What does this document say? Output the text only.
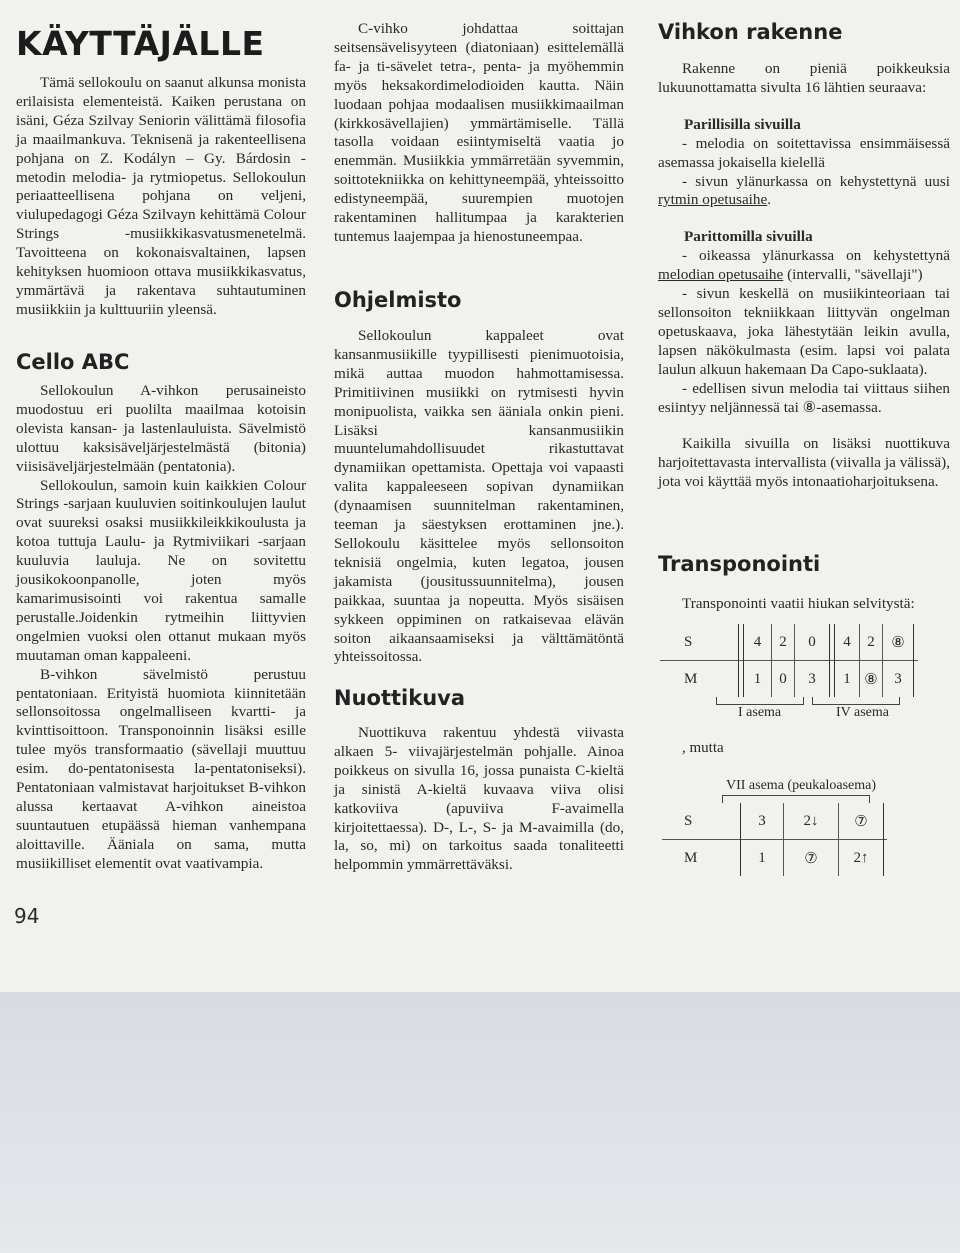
KÄYTTÄJÄLLE

Tämä sellokoulu on saanut alkunsa monista erilaisista elementeistä. Kaiken perustana on isäni, Géza Szilvay Seniorin välittämä filosofia ja maailmankuva. Teknisenä ja rakenteellisena pohjana on Z. Kodályn – Gy. Bárdosin -metodin melodia- ja rytmiopetus. Sellokoulun periaatteellisena pohjana on veljeni, viulupedagogi Géza Szilvayn kehittämä Colour Strings -musiikkikasvatusmenetelmä. Tavoitteena on kokonaisvaltainen, lapsen kehityksen huomioon ottava musiikkikasvatus, ymmärtävä ja rakentava suhtautuminen musiikkiin ja kulttuuriin yleensä.

Cello ABC

Sellokoulun A-vihkon perusaineisto muodostuu eri puolilta maailmaa kotoisin olevista kansan- ja lastenlauluista. Sävelmistö ulottuu kaksisäveljärjestelmästä (bitonia) viisisäveljärjestelmään (pentatonia).

Sellokoulun, samoin kuin kaikkien Colour Strings -sarjaan kuuluvien soitinkoulujen laulut ovat suureksi osaksi musiikkileikkikoulusta ja kotoa tuttuja Laulu- ja Rytmiviikari -sarjaan kuuluvia lauluja. Ne on sovitettu jousikokoonpanolle, joten myös kamarimusisointi voi rakentua samalle perustalle.Joidenkin rytmeihin liittyvien ongelmien vuoksi olen ottanut mukaan myös muutaman oman kappaleeni.

B-vihkon sävelmistö perustuu pentatoniaan. Erityistä huomiota kiinnitetään sellonsoitossa ongelmalliseen kvartti- ja kvinttisoittoon. Transponoinnin lisäksi esille tulee myös transformaatio (sävellaji muuttuu esim. do-pentatonisesta la-pentatoniseksi). Pentatoniaan valmistavat harjoitukset B-vihkon alussa kertaavat A-vihkon aineistoa suuntautuen etupäässä hieman vanhempana aloittaville. Ääniala on sama, mutta musiikilliset elementit ovat vaativampia.

C-vihko johdattaa soittajan seitsensävelisyyteen (diatoniaan) esittelemällä fa- ja ti-sävelet tetra-, penta- ja myöhemmin myös heksakordimelodioiden kautta. Näin luodaan pohjaa modaalisen musiikkimaailman (kirkkosävellajien) ymmärtämiselle. Tällä tasolla voidaan esiintymiseltä vaatia jo enemmän. Musiikkia ymmärretään syvemmin, soittotekniikka on kehittyneempää, yhteissoitto edistyneempää, suurempien muotojen rakentaminen hallitumpaa ja karakterien tuntemus laajempaa ja hienostuneempaa.

Ohjelmisto

Sellokoulun kappaleet ovat kansanmusiikille tyypillisesti pienimuotoisia, mikä auttaa muodon hahmottamisessa. Primitiivinen musiikki on rytmisesti hyvin monipuolista, vaikka sen ääniala onkin pieni. Lisäksi kansanmusiikin muuntelumahdollisuudet rikastuttavat dynamiikan opettamista. Opettaja voi vapaasti valita kappaleeseen sopivan dynamiikan (dynaamisen suunnitelman rakentaminen, teeman ja säestyksen erottaminen jne.). Sellokoulu käsittelee myös sellonsoiton teknisiä ongelmia, kuten legatoa, jousen jakamista (jousitussuunnitelma), jousen paikkaa, suuntaa ja nopeutta. Myös sisäisen sykkeen oppiminen on ratkaisevaa elävän soiton aikaansaamiseksi ja välttämätöntä yhteissoitossa.

Nuottikuva

Nuottikuva rakentuu yhdestä viivasta alkaen 5- viivajärjestelmän pohjalle. Ainoa poikkeus on sivulla 16, jossa punaista C-kieltä ja sinistä A-kieltä kuvaava viiva olisi katkoviiva (apuviiva F-avaimella kirjoitettaessa). D-, L-, S- ja M-avaimilla (do, la, so, mi) on tarkoitus saada tonaliteetti helpommin ymmärrettäväksi.

Vihkon rakenne

Rakenne on pieniä poikkeuksia lukuunottamatta sivulta 16 lähtien seuraava:

Parillisilla sivuilla

- melodia on soitettavissa ensimmäisessä asemassa jokaisella kielellä

- sivun ylänurkassa on kehystettynä uusi rytmin opetusaihe.

Parittomilla sivuilla

- oikeassa ylänurkassa on kehystettynä melodian opetusaihe (intervalli, "sävellaji")

- sivun keskellä on musiikinteoriaan tai sellonsoiton tekniikkaan liittyvän ongelman opetuskaava, joka lähestytään leikin avulla, lapsen näkökulmasta (esim. lapsi voi palata laulun alkuun hakemaan Da Capo-suklaata).

- edellisen sivun melodia tai viittaus siihen esiintyy neljännessä tai ⑧-asemassa.

Kaikilla sivuilla on lisäksi nuottikuva harjoitettavasta intervallista (viivalla ja välissä), jota voi käyttää myös intonaatioharjoituksena.

Transponointi

Transponointi vaatii hiukan selvitystä:

S		4	2	0		4	2	⑧	
M		1	0	3		1	⑧	3	
I asema	IV asema
, mutta
VII asema (peukaloasema)
S	3	2↓	⑦	
M	1	⑦	2↑	
94
